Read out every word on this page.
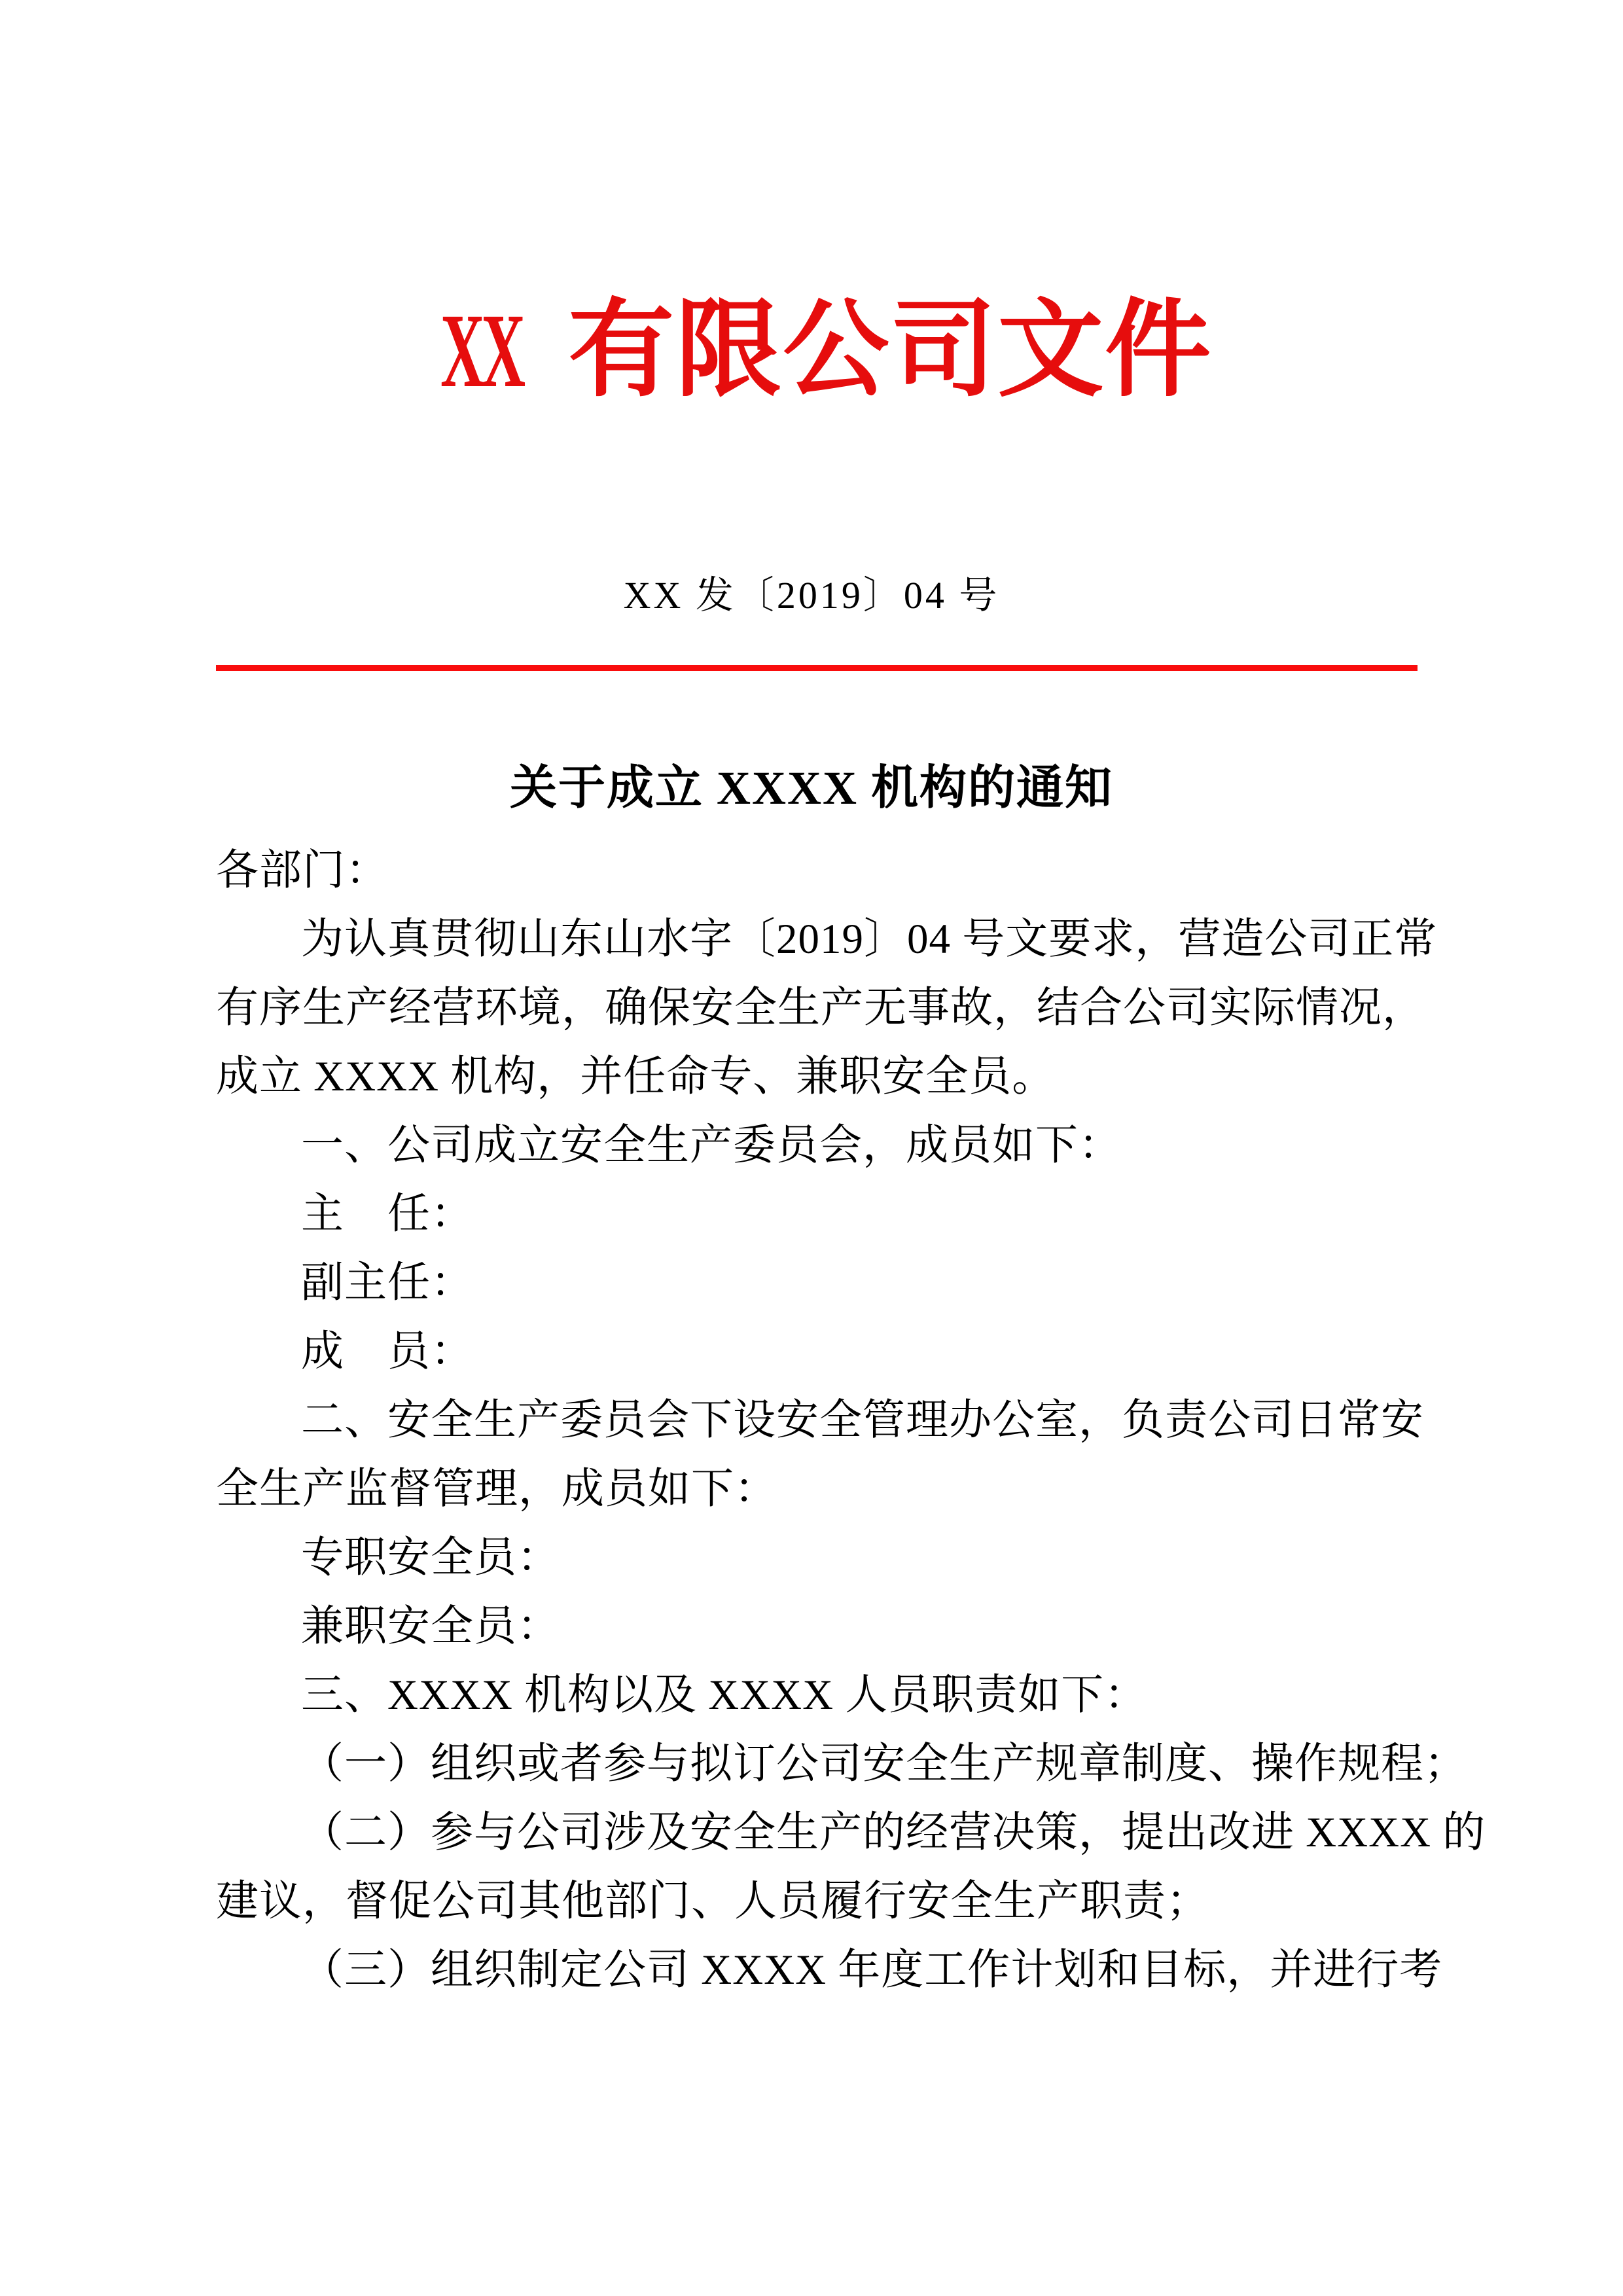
XX 有限公司文件
XX 发〔2019〕04 号
关于成立 XXXX 机构的通知
各部门：
为认真贯彻山东山水字〔2019〕04 号文要求，营造公司正常
有序生产经营环境，确保安全生产无事故，结合公司实际情况，
成立 XXXX 机构，并任命专、兼职安全员。
一、公司成立安全生产委员会，成员如下：
主　任：
副主任：
成　员：
二、安全生产委员会下设安全管理办公室，负责公司日常安
全生产监督管理，成员如下：
专职安全员：
兼职安全员：
三、XXXX 机构以及 XXXX 人员职责如下：
（一）组织或者参与拟订公司安全生产规章制度、操作规程；
（二）参与公司涉及安全生产的经营决策，提出改进 XXXX 的
建议，督促公司其他部门、人员履行安全生产职责；
（三）组织制定公司 XXXX 年度工作计划和目标，并进行考
